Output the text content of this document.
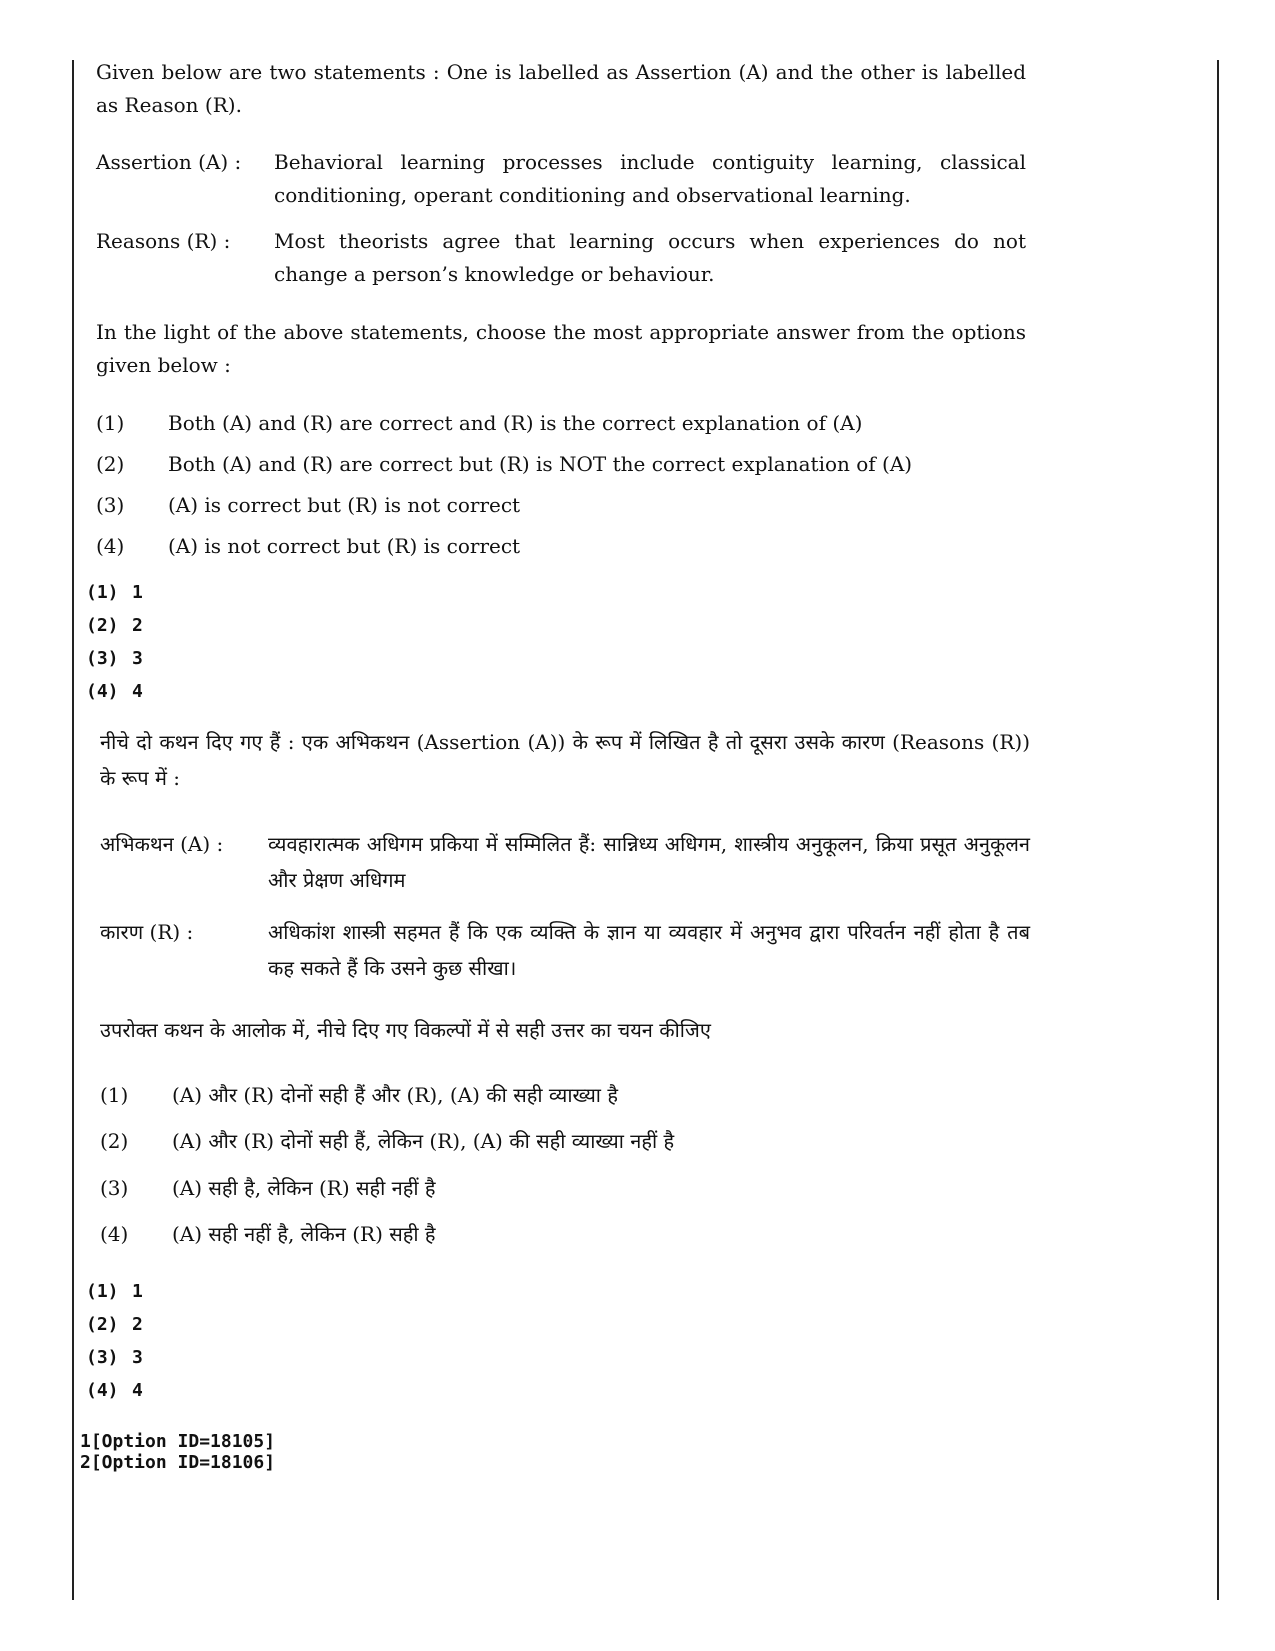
Given below are two statements : One is labelled as Assertion (A) and the other is labelled as Reason (R).
Assertion (A) :	Behavioral learning processes include contiguity learning, classical conditioning, operant conditioning and observational learning.
Reasons (R) :	Most theorists agree that learning occurs when experiences do not change a person’s knowledge or behaviour.
In the light of the above statements, choose the most appropriate answer from the options given below :
(1) Both (A) and (R) are correct and (R) is the correct explanation of (A)
(2) Both (A) and (R) are correct but (R) is NOT the correct explanation of (A)
(3) (A) is correct but (R) is not correct
(4) (A) is not correct but (R) is correct
(1) 1
(2) 2
(3) 3
(4) 4
नीचे दो कथन दिए गए हैं : एक अभिकथन (Assertion (A)) के रूप में लिखित है तो दूसरा उसके कारण (Reasons (R)) के रूप में :
अभिकथन (A) :	व्यवहारात्मक अधिगम प्रकिया में सम्मिलित हैं: सान्निध्य अधिगम, शास्त्रीय अनुकूलन, क्रिया प्रसूत अनुकूलन और प्रेक्षण अधिगम
कारण (R) :	अधिकांश शास्त्री सहमत हैं कि एक व्यक्ति के ज्ञान या व्यवहार में अनुभव द्वारा परिवर्तन नहीं होता है तब कह सकते हैं कि उसने कुछ सीखा।
उपरोक्त कथन के आलोक में, नीचे दिए गए विकल्पों में से सही उत्तर का चयन कीजिए
(1) (A) और (R) दोनों सही हैं और (R), (A) की सही व्याख्या है
(2) (A) और (R) दोनों सही हैं, लेकिन (R), (A) की सही व्याख्या नहीं है
(3) (A) सही है, लेकिन (R) सही नहीं है
(4) (A) सही नहीं है, लेकिन (R) सही है
(1) 1
(2) 2
(3) 3
(4) 4
1[Option ID=18105]
2[Option ID=18106]
